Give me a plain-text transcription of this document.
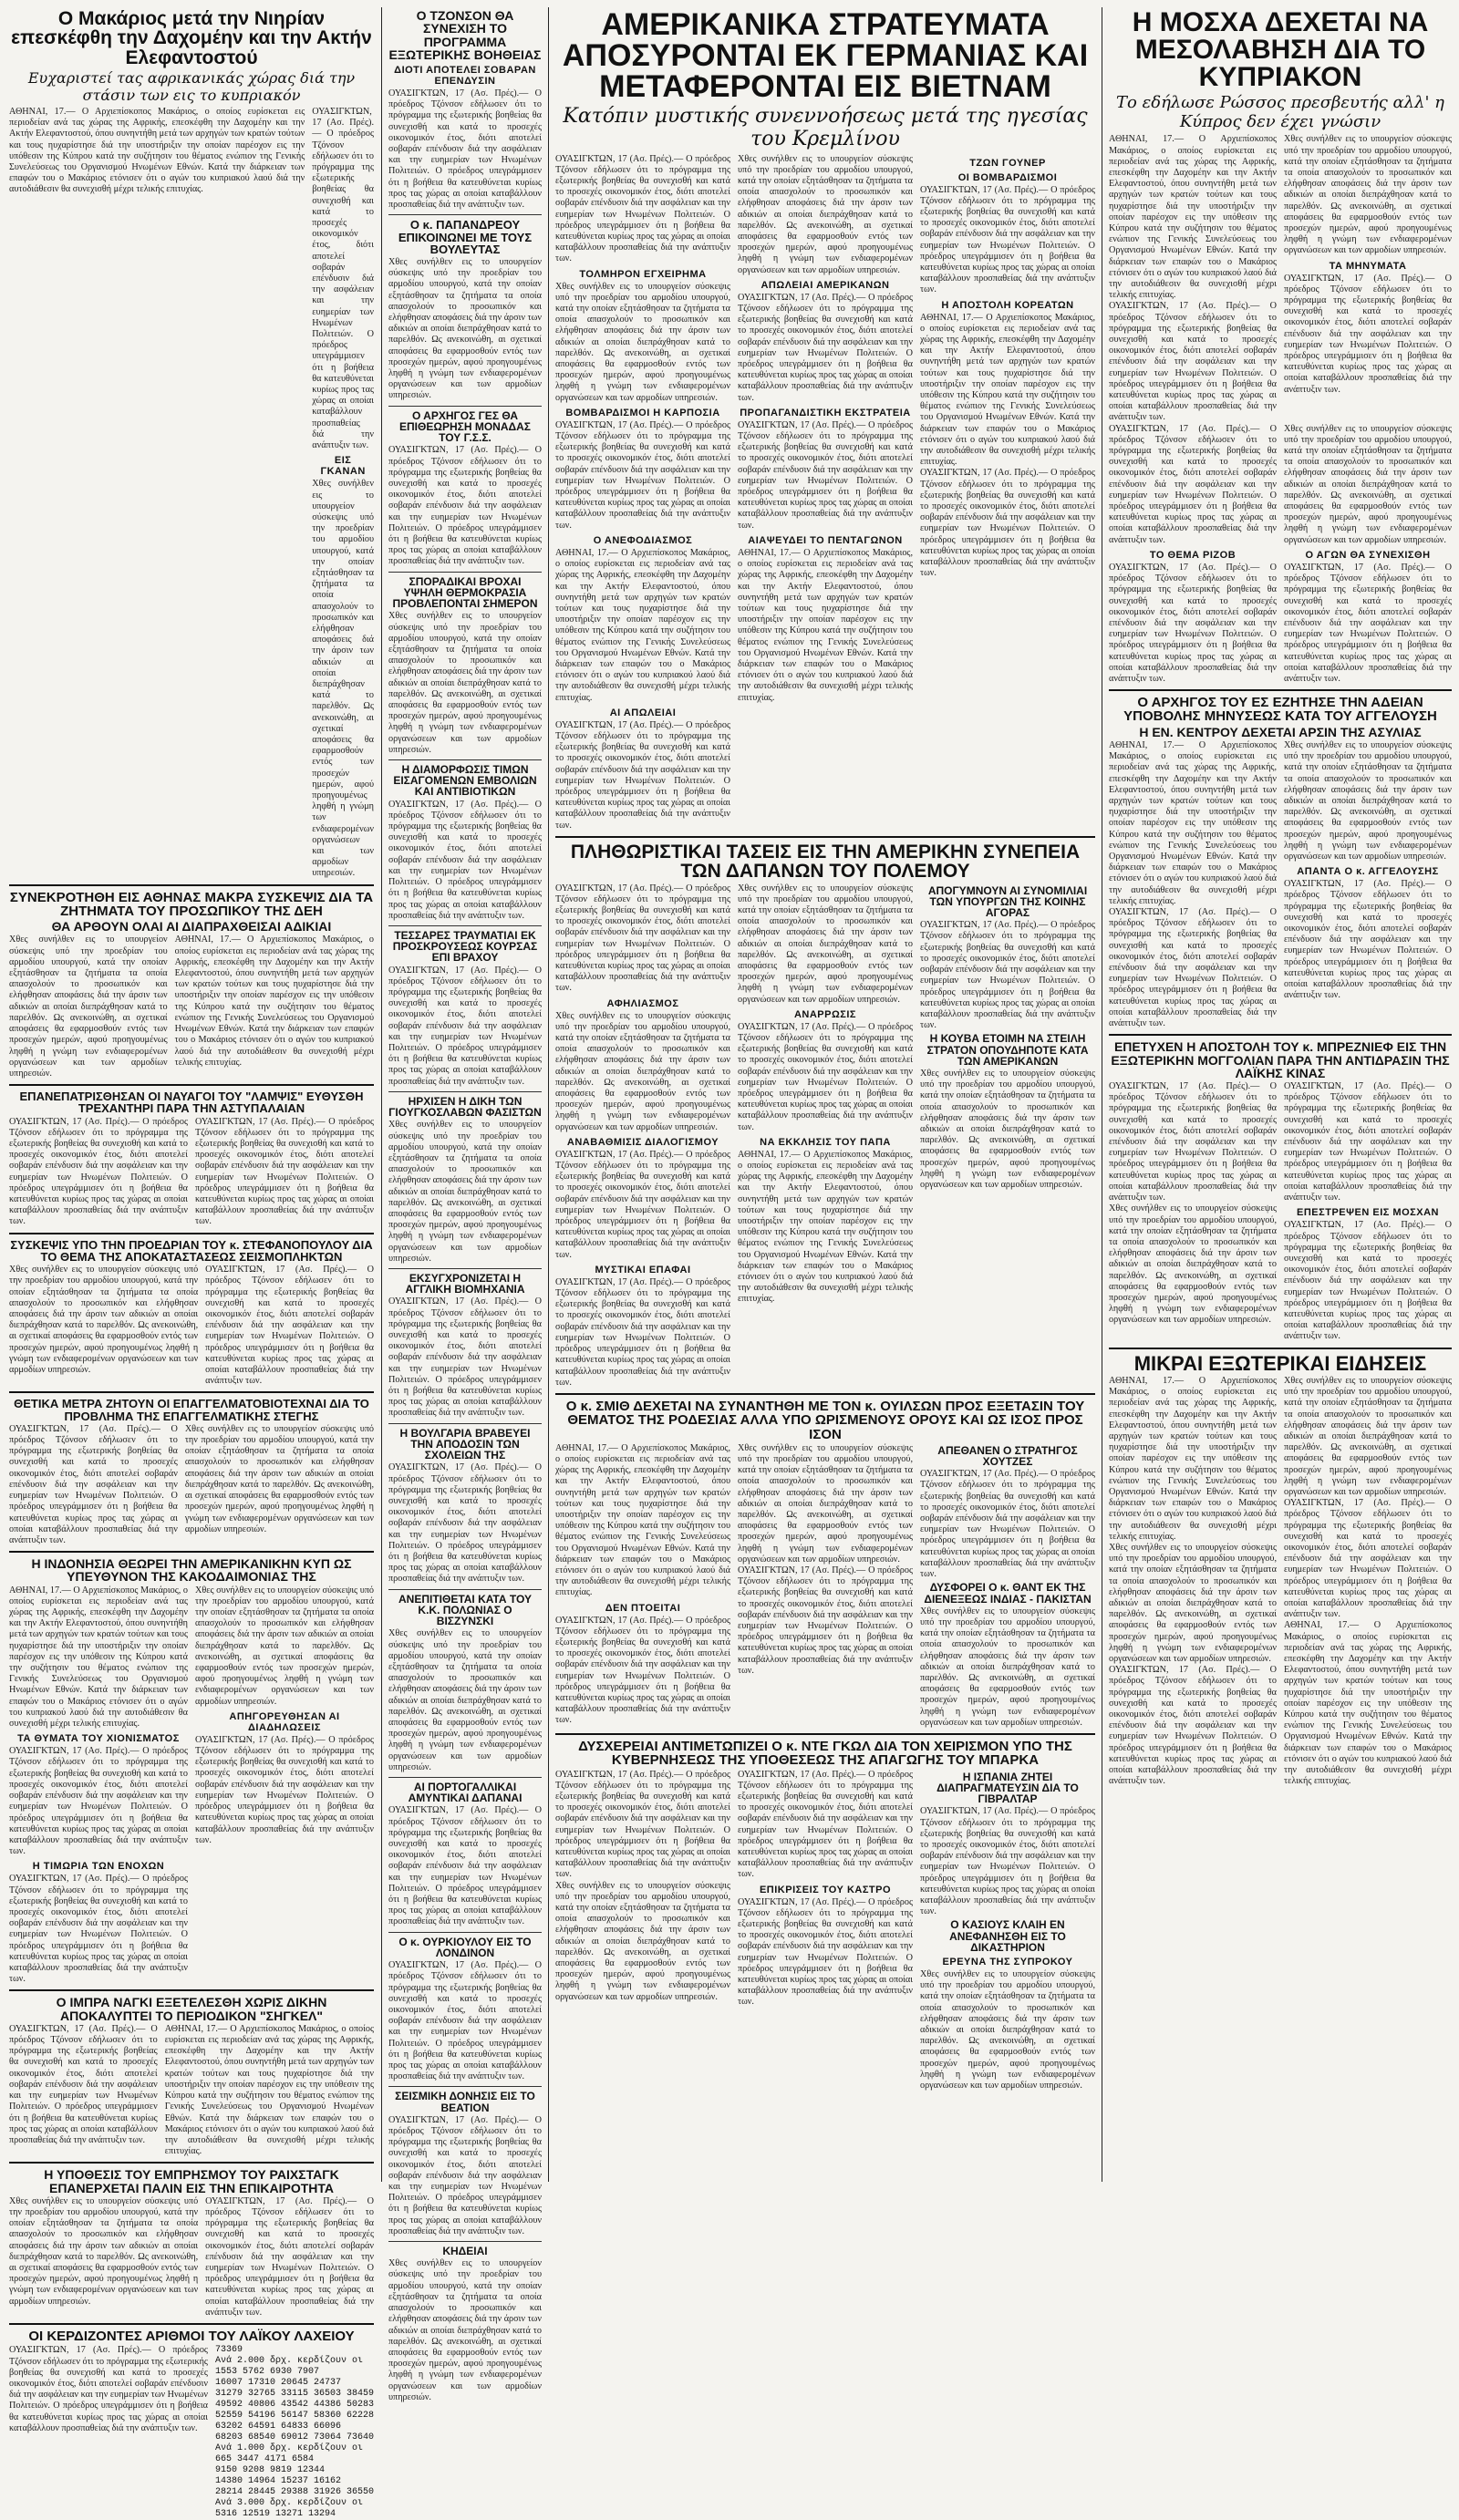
Ο Μακάριος μετά την Νιηρίαν επεσκέφθη την Δαχομέην και την Ακτήν Ελεφαντοστού
Ευχαριστεί τας αφρικανικάς χώρας διά την στάσιν των εις το κυπριακόν

ΑΘΗΝΑΙ, 17.— Ο Αρχιεπίσκοπος Μακάριος, ο οποίος ευρίσκεται εις περιοδείαν ανά τας χώρας της Αφρικής, επεσκέφθη την Δαχομέην και την Ακτήν Ελεφαντοστού, όπου συνηντήθη μετά των αρχηγών των κρατών τούτων και τους ηυχαρίστησε διά την υποστήριξιν την οποίαν παρέσχον εις την υπόθεσιν της Κύπρου κατά την συζήτησιν του θέματος ενώπιον της Γενικής Συνελεύσεως του Οργανισμού Ηνωμένων Εθνών. Κατά την διάρκειαν των επαφών του ο Μακάριος ετόνισεν ότι ο αγών του κυπριακού λαού διά την αυτοδιάθεσιν θα συνεχισθή μέχρι τελικής επιτυχίας.

ΟΥΑΣΙΓΚΤΩΝ, 17 (Ασ. Πρές).— Ο πρόεδρος Τζόνσον εδήλωσεν ότι το πρόγραμμα της εξωτερικής βοηθείας θα συνεχισθή και κατά το προσεχές οικονομικόν έτος, διότι αποτελεί σοβαράν επένδυσιν διά την ασφάλειαν και την ευημερίαν των Ηνωμένων Πολιτειών. Ο πρόεδρος υπεγράμμισεν ότι η βοήθεια θα κατευθύνεται κυρίως προς τας χώρας αι οποίαι καταβάλλουν προσπαθείας διά την ανάπτυξιν των.

ΕΙΣ ΓΚΑΝΑΝ

Χθες συνήλθεν εις το υπουργείον σύσκεψις υπό την προεδρίαν του αρμοδίου υπουργού, κατά την οποίαν εξητάσθησαν τα ζητήματα τα οποία απασχολούν το προσωπικόν και ελήφθησαν αποφάσεις διά την άρσιν των αδικιών αι οποίαι διεπράχθησαν κατά το παρελθόν. Ως ανεκοινώθη, αι σχετικαί αποφάσεις θα εφαρμοσθούν εντός των προσεχών ημερών, αφού προηγουμένως ληφθή η γνώμη των ενδιαφερομένων οργανώσεων και των αρμοδίων υπηρεσιών.

ΣΥΝΕΚΡΟΤΗΘΗ ΕΙΣ ΑΘΗΝΑΣ ΜΑΚΡΑ ΣΥΣΚΕΨΙΣ ΔΙΑ ΤΑ ΖΗΤΗΜΑΤΑ ΤΟΥ ΠΡΟΣΩΠΙΚΟΥ ΤΗΣ ΔΕΗ
ΘΑ ΑΡΘΟΥΝ ΟΛΑΙ ΑΙ ΔΙΑΠΡΑΧΘΕΙΣΑΙ ΑΔΙΚΙΑΙ

Χθες συνήλθεν εις το υπουργείον σύσκεψις υπό την προεδρίαν του αρμοδίου υπουργού, κατά την οποίαν εξητάσθησαν τα ζητήματα τα οποία απασχολούν το προσωπικόν και ελήφθησαν αποφάσεις διά την άρσιν των αδικιών αι οποίαι διεπράχθησαν κατά το παρελθόν. Ως ανεκοινώθη, αι σχετικαί αποφάσεις θα εφαρμοσθούν εντός των προσεχών ημερών, αφού προηγουμένως ληφθή η γνώμη των ενδιαφερομένων οργανώσεων και των αρμοδίων υπηρεσιών.

ΑΘΗΝΑΙ, 17.— Ο Αρχιεπίσκοπος Μακάριος, ο οποίος ευρίσκεται εις περιοδείαν ανά τας χώρας της Αφρικής, επεσκέφθη την Δαχομέην και την Ακτήν Ελεφαντοστού, όπου συνηντήθη μετά των αρχηγών των κρατών τούτων και τους ηυχαρίστησε διά την υποστήριξιν την οποίαν παρέσχον εις την υπόθεσιν της Κύπρου κατά την συζήτησιν του θέματος ενώπιον της Γενικής Συνελεύσεως του Οργανισμού Ηνωμένων Εθνών. Κατά την διάρκειαν των επαφών του ο Μακάριος ετόνισεν ότι ο αγών του κυπριακού λαού διά την αυτοδιάθεσιν θα συνεχισθή μέχρι τελικής επιτυχίας.

ΕΠΑΝΕΠΑΤΡΙΣΘΗΣΑΝ ΟΙ ΝΑΥΑΓΟΙ ΤΟΥ "ΛΑΜΨΙΣ" ΕΥΘΥΣΘΗ ΤΡΕΧΑΝΤΗΡΙ ΠΑΡΑ ΤΗΝ ΑΣΤΥΠΑΛΑΙΑΝ

ΟΥΑΣΙΓΚΤΩΝ, 17 (Ασ. Πρές).— Ο πρόεδρος Τζόνσον εδήλωσεν ότι το πρόγραμμα της εξωτερικής βοηθείας θα συνεχισθή και κατά το προσεχές οικονομικόν έτος, διότι αποτελεί σοβαράν επένδυσιν διά την ασφάλειαν και την ευημερίαν των Ηνωμένων Πολιτειών. Ο πρόεδρος υπεγράμμισεν ότι η βοήθεια θα κατευθύνεται κυρίως προς τας χώρας αι οποίαι καταβάλλουν προσπαθείας διά την ανάπτυξιν των.

ΟΥΑΣΙΓΚΤΩΝ, 17 (Ασ. Πρές).— Ο πρόεδρος Τζόνσον εδήλωσεν ότι το πρόγραμμα της εξωτερικής βοηθείας θα συνεχισθή και κατά το προσεχές οικονομικόν έτος, διότι αποτελεί σοβαράν επένδυσιν διά την ασφάλειαν και την ευημερίαν των Ηνωμένων Πολιτειών. Ο πρόεδρος υπεγράμμισεν ότι η βοήθεια θα κατευθύνεται κυρίως προς τας χώρας αι οποίαι καταβάλλουν προσπαθείας διά την ανάπτυξιν των.

ΣΥΣΚΕΨΙΣ ΥΠΟ ΤΗΝ ΠΡΟΕΔΡΙΑΝ ΤΟΥ κ. ΣΤΕΦΑΝΟΠΟΥΛΟΥ ΔΙΑ ΤΟ ΘΕΜΑ ΤΗΣ ΑΠΟΚΑΤΑΣΤΑΣΕΩΣ ΣΕΙΣΜΟΠΛΗΚΤΩΝ

Χθες συνήλθεν εις το υπουργείον σύσκεψις υπό την προεδρίαν του αρμοδίου υπουργού, κατά την οποίαν εξητάσθησαν τα ζητήματα τα οποία απασχολούν το προσωπικόν και ελήφθησαν αποφάσεις διά την άρσιν των αδικιών αι οποίαι διεπράχθησαν κατά το παρελθόν. Ως ανεκοινώθη, αι σχετικαί αποφάσεις θα εφαρμοσθούν εντός των προσεχών ημερών, αφού προηγουμένως ληφθή η γνώμη των ενδιαφερομένων οργανώσεων και των αρμοδίων υπηρεσιών.

ΟΥΑΣΙΓΚΤΩΝ, 17 (Ασ. Πρές).— Ο πρόεδρος Τζόνσον εδήλωσεν ότι το πρόγραμμα της εξωτερικής βοηθείας θα συνεχισθή και κατά το προσεχές οικονομικόν έτος, διότι αποτελεί σοβαράν επένδυσιν διά την ασφάλειαν και την ευημερίαν των Ηνωμένων Πολιτειών. Ο πρόεδρος υπεγράμμισεν ότι η βοήθεια θα κατευθύνεται κυρίως προς τας χώρας αι οποίαι καταβάλλουν προσπαθείας διά την ανάπτυξιν των.

ΘΕΤΙΚΑ ΜΕΤΡΑ ΖΗΤΟΥΝ ΟΙ ΕΠΑΓΓΕΛΜΑΤΟΒΙΟΤΕΧΝΑΙ ΔΙΑ ΤΟ ΠΡΟΒΛΗΜΑ ΤΗΣ ΕΠΑΓΓΕΛΜΑΤΙΚΗΣ ΣΤΕΓΗΣ

ΟΥΑΣΙΓΚΤΩΝ, 17 (Ασ. Πρές).— Ο πρόεδρος Τζόνσον εδήλωσεν ότι το πρόγραμμα της εξωτερικής βοηθείας θα συνεχισθή και κατά το προσεχές οικονομικόν έτος, διότι αποτελεί σοβαράν επένδυσιν διά την ασφάλειαν και την ευημερίαν των Ηνωμένων Πολιτειών. Ο πρόεδρος υπεγράμμισεν ότι η βοήθεια θα κατευθύνεται κυρίως προς τας χώρας αι οποίαι καταβάλλουν προσπαθείας διά την ανάπτυξιν των.

Χθες συνήλθεν εις το υπουργείον σύσκεψις υπό την προεδρίαν του αρμοδίου υπουργού, κατά την οποίαν εξητάσθησαν τα ζητήματα τα οποία απασχολούν το προσωπικόν και ελήφθησαν αποφάσεις διά την άρσιν των αδικιών αι οποίαι διεπράχθησαν κατά το παρελθόν. Ως ανεκοινώθη, αι σχετικαί αποφάσεις θα εφαρμοσθούν εντός των προσεχών ημερών, αφού προηγουμένως ληφθή η γνώμη των ενδιαφερομένων οργανώσεων και των αρμοδίων υπηρεσιών.

Η ΙΝΔΟΝΗΣΙΑ ΘΕΩΡΕΙ ΤΗΝ ΑΜΕΡΙΚΑΝΙΚΗΝ ΚΥΠ ΩΣ ΥΠΕΥΘΥΝΟΝ ΤΗΣ ΚΑΚΟΔΑΙΜΟΝΙΑΣ ΤΗΣ

ΑΘΗΝΑΙ, 17.— Ο Αρχιεπίσκοπος Μακάριος, ο οποίος ευρίσκεται εις περιοδείαν ανά τας χώρας της Αφρικής, επεσκέφθη την Δαχομέην και την Ακτήν Ελεφαντοστού, όπου συνηντήθη μετά των αρχηγών των κρατών τούτων και τους ηυχαρίστησε διά την υποστήριξιν την οποίαν παρέσχον εις την υπόθεσιν της Κύπρου κατά την συζήτησιν του θέματος ενώπιον της Γενικής Συνελεύσεως του Οργανισμού Ηνωμένων Εθνών. Κατά την διάρκειαν των επαφών του ο Μακάριος ετόνισεν ότι ο αγών του κυπριακού λαού διά την αυτοδιάθεσιν θα συνεχισθή μέχρι τελικής επιτυχίας.

ΤΑ ΘΥΜΑΤΑ ΤΟΥ ΧΙΟΝΙΣΜΑΤΟΣ

ΟΥΑΣΙΓΚΤΩΝ, 17 (Ασ. Πρές).— Ο πρόεδρος Τζόνσον εδήλωσεν ότι το πρόγραμμα της εξωτερικής βοηθείας θα συνεχισθή και κατά το προσεχές οικονομικόν έτος, διότι αποτελεί σοβαράν επένδυσιν διά την ασφάλειαν και την ευημερίαν των Ηνωμένων Πολιτειών. Ο πρόεδρος υπεγράμμισεν ότι η βοήθεια θα κατευθύνεται κυρίως προς τας χώρας αι οποίαι καταβάλλουν προσπαθείας διά την ανάπτυξιν των.

Η ΤΙΜΩΡΙΑ ΤΩΝ ΕΝΟΧΩΝ

ΟΥΑΣΙΓΚΤΩΝ, 17 (Ασ. Πρές).— Ο πρόεδρος Τζόνσον εδήλωσεν ότι το πρόγραμμα της εξωτερικής βοηθείας θα συνεχισθή και κατά το προσεχές οικονομικόν έτος, διότι αποτελεί σοβαράν επένδυσιν διά την ασφάλειαν και την ευημερίαν των Ηνωμένων Πολιτειών. Ο πρόεδρος υπεγράμμισεν ότι η βοήθεια θα κατευθύνεται κυρίως προς τας χώρας αι οποίαι καταβάλλουν προσπαθείας διά την ανάπτυξιν των.

Χθες συνήλθεν εις το υπουργείον σύσκεψις υπό την προεδρίαν του αρμοδίου υπουργού, κατά την οποίαν εξητάσθησαν τα ζητήματα τα οποία απασχολούν το προσωπικόν και ελήφθησαν αποφάσεις διά την άρσιν των αδικιών αι οποίαι διεπράχθησαν κατά το παρελθόν. Ως ανεκοινώθη, αι σχετικαί αποφάσεις θα εφαρμοσθούν εντός των προσεχών ημερών, αφού προηγουμένως ληφθή η γνώμη των ενδιαφερομένων οργανώσεων και των αρμοδίων υπηρεσιών.

ΑΠΗΓΟΡΕΥΘΗΣΑΝ ΑΙ ΔΙΑΔΗΛΩΣΕΙΣ

ΟΥΑΣΙΓΚΤΩΝ, 17 (Ασ. Πρές).— Ο πρόεδρος Τζόνσον εδήλωσεν ότι το πρόγραμμα της εξωτερικής βοηθείας θα συνεχισθή και κατά το προσεχές οικονομικόν έτος, διότι αποτελεί σοβαράν επένδυσιν διά την ασφάλειαν και την ευημερίαν των Ηνωμένων Πολιτειών. Ο πρόεδρος υπεγράμμισεν ότι η βοήθεια θα κατευθύνεται κυρίως προς τας χώρας αι οποίαι καταβάλλουν προσπαθείας διά την ανάπτυξιν των.

Ο ΙΜΠΡΑ ΝΑΓΚΙ ΕΞΕΤΕΛΕΣΘΗ ΧΩΡΙΣ ΔΙΚΗΝ ΑΠΟΚΑΛΥΠΤΕΙ ΤΟ ΠΕΡΙΟΔΙΚΟΝ "ΣΗΓΚΕΛ"

ΟΥΑΣΙΓΚΤΩΝ, 17 (Ασ. Πρές).— Ο πρόεδρος Τζόνσον εδήλωσεν ότι το πρόγραμμα της εξωτερικής βοηθείας θα συνεχισθή και κατά το προσεχές οικονομικόν έτος, διότι αποτελεί σοβαράν επένδυσιν διά την ασφάλειαν και την ευημερίαν των Ηνωμένων Πολιτειών. Ο πρόεδρος υπεγράμμισεν ότι η βοήθεια θα κατευθύνεται κυρίως προς τας χώρας αι οποίαι καταβάλλουν προσπαθείας διά την ανάπτυξιν των.

ΑΘΗΝΑΙ, 17.— Ο Αρχιεπίσκοπος Μακάριος, ο οποίος ευρίσκεται εις περιοδείαν ανά τας χώρας της Αφρικής, επεσκέφθη την Δαχομέην και την Ακτήν Ελεφαντοστού, όπου συνηντήθη μετά των αρχηγών των κρατών τούτων και τους ηυχαρίστησε διά την υποστήριξιν την οποίαν παρέσχον εις την υπόθεσιν της Κύπρου κατά την συζήτησιν του θέματος ενώπιον της Γενικής Συνελεύσεως του Οργανισμού Ηνωμένων Εθνών. Κατά την διάρκειαν των επαφών του ο Μακάριος ετόνισεν ότι ο αγών του κυπριακού λαού διά την αυτοδιάθεσιν θα συνεχισθή μέχρι τελικής επιτυχίας.

Η ΥΠΟΘΕΣΙΣ ΤΟΥ ΕΜΠΡΗΣΜΟΥ ΤΟΥ ΡΑΙΧΣΤΑΓΚ ΕΠΑΝΕΡΧΕΤΑΙ ΠΑΛΙΝ ΕΙΣ ΤΗΝ ΕΠΙΚΑΙΡΟΤΗΤΑ

Χθες συνήλθεν εις το υπουργείον σύσκεψις υπό την προεδρίαν του αρμοδίου υπουργού, κατά την οποίαν εξητάσθησαν τα ζητήματα τα οποία απασχολούν το προσωπικόν και ελήφθησαν αποφάσεις διά την άρσιν των αδικιών αι οποίαι διεπράχθησαν κατά το παρελθόν. Ως ανεκοινώθη, αι σχετικαί αποφάσεις θα εφαρμοσθούν εντός των προσεχών ημερών, αφού προηγουμένως ληφθή η γνώμη των ενδιαφερομένων οργανώσεων και των αρμοδίων υπηρεσιών.

ΟΥΑΣΙΓΚΤΩΝ, 17 (Ασ. Πρές).— Ο πρόεδρος Τζόνσον εδήλωσεν ότι το πρόγραμμα της εξωτερικής βοηθείας θα συνεχισθή και κατά το προσεχές οικονομικόν έτος, διότι αποτελεί σοβαράν επένδυσιν διά την ασφάλειαν και την ευημερίαν των Ηνωμένων Πολιτειών. Ο πρόεδρος υπεγράμμισεν ότι η βοήθεια θα κατευθύνεται κυρίως προς τας χώρας αι οποίαι καταβάλλουν προσπαθείας διά την ανάπτυξιν των.

ΟΙ ΚΕΡΔΙΖΟΝΤΕΣ ΑΡΙΘΜΟΙ ΤΟΥ ΛΑΪΚΟΥ ΛΑΧΕΙΟΥ

ΟΥΑΣΙΓΚΤΩΝ, 17 (Ασ. Πρές).— Ο πρόεδρος Τζόνσον εδήλωσεν ότι το πρόγραμμα της εξωτερικής βοηθείας θα συνεχισθή και κατά το προσεχές οικονομικόν έτος, διότι αποτελεί σοβαράν επένδυσιν διά την ασφάλειαν και την ευημερίαν των Ηνωμένων Πολιτειών. Ο πρόεδρος υπεγράμμισεν ότι η βοήθεια θα κατευθύνεται κυρίως προς τας χώρας αι οποίαι καταβάλλουν προσπαθείας διά την ανάπτυξιν των.

73369
Ανά 2.000 δρχ. κερδίζουν οι
1553 5762 6930 7907
16007 17310 20645 24737
31279 32765 33115 36503 38459
49592 40806 43542 44386 50283
52559 54196 56147 58360 62228
63202 64591 64833 66096
68203 68540 69012 73064 73640
Ανά 1.000 δρχ. κερδίζουν οι
665 3447 4171 6584
9150 9208 9819 12344
14380 14964 15237 16162
28214 28445 29388 31926 36550
Ανά 3.000 δρχ. κερδίζουν οι
5316 12519 13271 13294
Ο ΤΖΟΝΣΟΝ ΘΑ ΣΥΝΕΧΙΣΗ ΤΟ ΠΡΟΓΡΑΜΜΑ ΕΞΩΤΕΡΙΚΗΣ ΒΟΗΘΕΙΑΣ
ΔΙΟΤΙ ΑΠΟΤΕΛΕΙ ΣΟΒΑΡΑΝ ΕΠΕΝΔΥΣΙΝ

ΟΥΑΣΙΓΚΤΩΝ, 17 (Ασ. Πρές).— Ο πρόεδρος Τζόνσον εδήλωσεν ότι το πρόγραμμα της εξωτερικής βοηθείας θα συνεχισθή και κατά το προσεχές οικονομικόν έτος, διότι αποτελεί σοβαράν επένδυσιν διά την ασφάλειαν και την ευημερίαν των Ηνωμένων Πολιτειών. Ο πρόεδρος υπεγράμμισεν ότι η βοήθεια θα κατευθύνεται κυρίως προς τας χώρας αι οποίαι καταβάλλουν προσπαθείας διά την ανάπτυξιν των.

Ο κ. ΠΑΠΑΝΔΡΕΟΥ ΕΠΙΚΟΙΝΩΝΕΙ ΜΕ ΤΟΥΣ ΒΟΥΛΕΥΤΑΣ

Χθες συνήλθεν εις το υπουργείον σύσκεψις υπό την προεδρίαν του αρμοδίου υπουργού, κατά την οποίαν εξητάσθησαν τα ζητήματα τα οποία απασχολούν το προσωπικόν και ελήφθησαν αποφάσεις διά την άρσιν των αδικιών αι οποίαι διεπράχθησαν κατά το παρελθόν. Ως ανεκοινώθη, αι σχετικαί αποφάσεις θα εφαρμοσθούν εντός των προσεχών ημερών, αφού προηγουμένως ληφθή η γνώμη των ενδιαφερομένων οργανώσεων και των αρμοδίων υπηρεσιών.

Ο ΑΡΧΗΓΟΣ ΓΕΣ ΘΑ ΕΠΙΘΕΩΡΗΣΗ ΜΟΝΑΔΑΣ ΤΟΥ Γ.Σ.Σ.

ΟΥΑΣΙΓΚΤΩΝ, 17 (Ασ. Πρές).— Ο πρόεδρος Τζόνσον εδήλωσεν ότι το πρόγραμμα της εξωτερικής βοηθείας θα συνεχισθή και κατά το προσεχές οικονομικόν έτος, διότι αποτελεί σοβαράν επένδυσιν διά την ασφάλειαν και την ευημερίαν των Ηνωμένων Πολιτειών. Ο πρόεδρος υπεγράμμισεν ότι η βοήθεια θα κατευθύνεται κυρίως προς τας χώρας αι οποίαι καταβάλλουν προσπαθείας διά την ανάπτυξιν των.

ΣΠΟΡΑΔΙΚΑΙ ΒΡΟΧΑΙ ΥΨΗΛΗ ΘΕΡΜΟΚΡΑΣΙΑ ΠΡΟΒΛΕΠΟΝΤΑΙ ΣΗΜΕΡΟΝ

Χθες συνήλθεν εις το υπουργείον σύσκεψις υπό την προεδρίαν του αρμοδίου υπουργού, κατά την οποίαν εξητάσθησαν τα ζητήματα τα οποία απασχολούν το προσωπικόν και ελήφθησαν αποφάσεις διά την άρσιν των αδικιών αι οποίαι διεπράχθησαν κατά το παρελθόν. Ως ανεκοινώθη, αι σχετικαί αποφάσεις θα εφαρμοσθούν εντός των προσεχών ημερών, αφού προηγουμένως ληφθή η γνώμη των ενδιαφερομένων οργανώσεων και των αρμοδίων υπηρεσιών.

Η ΔΙΑΜΟΡΦΩΣΙΣ ΤΙΜΩΝ ΕΙΣΑΓΟΜΕΝΩΝ ΕΜΒΟΛΙΩΝ ΚΑΙ ΑΝΤΙΒΙΟΤΙΚΩΝ

ΟΥΑΣΙΓΚΤΩΝ, 17 (Ασ. Πρές).— Ο πρόεδρος Τζόνσον εδήλωσεν ότι το πρόγραμμα της εξωτερικής βοηθείας θα συνεχισθή και κατά το προσεχές οικονομικόν έτος, διότι αποτελεί σοβαράν επένδυσιν διά την ασφάλειαν και την ευημερίαν των Ηνωμένων Πολιτειών. Ο πρόεδρος υπεγράμμισεν ότι η βοήθεια θα κατευθύνεται κυρίως προς τας χώρας αι οποίαι καταβάλλουν προσπαθείας διά την ανάπτυξιν των.

ΤΕΣΣΑΡΕΣ ΤΡΑΥΜΑΤΙΑΙ ΕΚ ΠΡΟΣΚΡΟΥΣΕΩΣ ΚΟΥΡΣΑΣ ΕΠΙ ΒΡΑΧΟΥ

ΟΥΑΣΙΓΚΤΩΝ, 17 (Ασ. Πρές).— Ο πρόεδρος Τζόνσον εδήλωσεν ότι το πρόγραμμα της εξωτερικής βοηθείας θα συνεχισθή και κατά το προσεχές οικονομικόν έτος, διότι αποτελεί σοβαράν επένδυσιν διά την ασφάλειαν και την ευημερίαν των Ηνωμένων Πολιτειών. Ο πρόεδρος υπεγράμμισεν ότι η βοήθεια θα κατευθύνεται κυρίως προς τας χώρας αι οποίαι καταβάλλουν προσπαθείας διά την ανάπτυξιν των.

ΗΡΧΙΣΕΝ Η ΔΙΚΗ ΤΩΝ ΓΙΟΥΓΚΟΣΛΑΒΩΝ ΦΑΣΙΣΤΩΝ

Χθες συνήλθεν εις το υπουργείον σύσκεψις υπό την προεδρίαν του αρμοδίου υπουργού, κατά την οποίαν εξητάσθησαν τα ζητήματα τα οποία απασχολούν το προσωπικόν και ελήφθησαν αποφάσεις διά την άρσιν των αδικιών αι οποίαι διεπράχθησαν κατά το παρελθόν. Ως ανεκοινώθη, αι σχετικαί αποφάσεις θα εφαρμοσθούν εντός των προσεχών ημερών, αφού προηγουμένως ληφθή η γνώμη των ενδιαφερομένων οργανώσεων και των αρμοδίων υπηρεσιών.

ΕΚΣΥΓΧΡΟΝΙΖΕΤΑΙ Η ΑΓΓΛΙΚΗ ΒΙΟΜΗΧΑΝΙΑ

ΟΥΑΣΙΓΚΤΩΝ, 17 (Ασ. Πρές).— Ο πρόεδρος Τζόνσον εδήλωσεν ότι το πρόγραμμα της εξωτερικής βοηθείας θα συνεχισθή και κατά το προσεχές οικονομικόν έτος, διότι αποτελεί σοβαράν επένδυσιν διά την ασφάλειαν και την ευημερίαν των Ηνωμένων Πολιτειών. Ο πρόεδρος υπεγράμμισεν ότι η βοήθεια θα κατευθύνεται κυρίως προς τας χώρας αι οποίαι καταβάλλουν προσπαθείας διά την ανάπτυξιν των.

Η ΒΟΥΛΓΑΡΙΑ ΒΡΑΒΕΥΕΙ ΤΗΝ ΑΠΟΔΟΣΙΝ ΤΩΝ ΣΧΟΛΕΙΩΝ ΤΗΣ

ΟΥΑΣΙΓΚΤΩΝ, 17 (Ασ. Πρές).— Ο πρόεδρος Τζόνσον εδήλωσεν ότι το πρόγραμμα της εξωτερικής βοηθείας θα συνεχισθή και κατά το προσεχές οικονομικόν έτος, διότι αποτελεί σοβαράν επένδυσιν διά την ασφάλειαν και την ευημερίαν των Ηνωμένων Πολιτειών. Ο πρόεδρος υπεγράμμισεν ότι η βοήθεια θα κατευθύνεται κυρίως προς τας χώρας αι οποίαι καταβάλλουν προσπαθείας διά την ανάπτυξιν των.

ΑΝΕΠΙΤΙΘΕΤΑΙ ΚΑΤΑ ΤΟΥ Κ.Κ. ΠΟΛΩΝΙΑΣ Ο ΒΙΣΖΥΝΣΚΙ

Χθες συνήλθεν εις το υπουργείον σύσκεψις υπό την προεδρίαν του αρμοδίου υπουργού, κατά την οποίαν εξητάσθησαν τα ζητήματα τα οποία απασχολούν το προσωπικόν και ελήφθησαν αποφάσεις διά την άρσιν των αδικιών αι οποίαι διεπράχθησαν κατά το παρελθόν. Ως ανεκοινώθη, αι σχετικαί αποφάσεις θα εφαρμοσθούν εντός των προσεχών ημερών, αφού προηγουμένως ληφθή η γνώμη των ενδιαφερομένων οργανώσεων και των αρμοδίων υπηρεσιών.

ΑΙ ΠΟΡΤΟΓΑΛΛΙΚΑΙ ΑΜΥΝΤΙΚΑΙ ΔΑΠΑΝΑΙ

ΟΥΑΣΙΓΚΤΩΝ, 17 (Ασ. Πρές).— Ο πρόεδρος Τζόνσον εδήλωσεν ότι το πρόγραμμα της εξωτερικής βοηθείας θα συνεχισθή και κατά το προσεχές οικονομικόν έτος, διότι αποτελεί σοβαράν επένδυσιν διά την ασφάλειαν και την ευημερίαν των Ηνωμένων Πολιτειών. Ο πρόεδρος υπεγράμμισεν ότι η βοήθεια θα κατευθύνεται κυρίως προς τας χώρας αι οποίαι καταβάλλουν προσπαθείας διά την ανάπτυξιν των.

Ο κ. ΟΥΡΚΙΟΥΛΟΥ ΕΙΣ ΤΟ ΛΟΝΔΙΝΟΝ

ΟΥΑΣΙΓΚΤΩΝ, 17 (Ασ. Πρές).— Ο πρόεδρος Τζόνσον εδήλωσεν ότι το πρόγραμμα της εξωτερικής βοηθείας θα συνεχισθή και κατά το προσεχές οικονομικόν έτος, διότι αποτελεί σοβαράν επένδυσιν διά την ασφάλειαν και την ευημερίαν των Ηνωμένων Πολιτειών. Ο πρόεδρος υπεγράμμισεν ότι η βοήθεια θα κατευθύνεται κυρίως προς τας χώρας αι οποίαι καταβάλλουν προσπαθείας διά την ανάπτυξιν των.

ΣΕΙΣΜΙΚΗ ΔΟΝΗΣΙΣ ΕΙΣ ΤΟ ΒΕΑΤΙΟΝ

ΟΥΑΣΙΓΚΤΩΝ, 17 (Ασ. Πρές).— Ο πρόεδρος Τζόνσον εδήλωσεν ότι το πρόγραμμα της εξωτερικής βοηθείας θα συνεχισθή και κατά το προσεχές οικονομικόν έτος, διότι αποτελεί σοβαράν επένδυσιν διά την ασφάλειαν και την ευημερίαν των Ηνωμένων Πολιτειών. Ο πρόεδρος υπεγράμμισεν ότι η βοήθεια θα κατευθύνεται κυρίως προς τας χώρας αι οποίαι καταβάλλουν προσπαθείας διά την ανάπτυξιν των.

ΚΗΔΕΙΑΙ

Χθες συνήλθεν εις το υπουργείον σύσκεψις υπό την προεδρίαν του αρμοδίου υπουργού, κατά την οποίαν εξητάσθησαν τα ζητήματα τα οποία απασχολούν το προσωπικόν και ελήφθησαν αποφάσεις διά την άρσιν των αδικιών αι οποίαι διεπράχθησαν κατά το παρελθόν. Ως ανεκοινώθη, αι σχετικαί αποφάσεις θα εφαρμοσθούν εντός των προσεχών ημερών, αφού προηγουμένως ληφθή η γνώμη των ενδιαφερομένων οργανώσεων και των αρμοδίων υπηρεσιών.

ΑΜΕΡΙΚΑΝΙΚΑ ΣΤΡΑΤΕΥΜΑΤΑ ΑΠΟΣΥΡΟΝΤΑΙ ΕΚ ΓΕΡΜΑΝΙΑΣ ΚΑΙ ΜΕΤΑΦΕΡΟΝΤΑΙ ΕΙΣ ΒΙΕΤΝΑΜ
Κατόπιν μυστικής συνεννοήσεως μετά της ηγεσίας του Κρεμλίνου

ΟΥΑΣΙΓΚΤΩΝ, 17 (Ασ. Πρές).— Ο πρόεδρος Τζόνσον εδήλωσεν ότι το πρόγραμμα της εξωτερικής βοηθείας θα συνεχισθή και κατά το προσεχές οικονομικόν έτος, διότι αποτελεί σοβαράν επένδυσιν διά την ασφάλειαν και την ευημερίαν των Ηνωμένων Πολιτειών. Ο πρόεδρος υπεγράμμισεν ότι η βοήθεια θα κατευθύνεται κυρίως προς τας χώρας αι οποίαι καταβάλλουν προσπαθείας διά την ανάπτυξιν των.

ΤΟΛΜΗΡΟΝ ΕΓΧΕΙΡΗΜΑ

Χθες συνήλθεν εις το υπουργείον σύσκεψις υπό την προεδρίαν του αρμοδίου υπουργού, κατά την οποίαν εξητάσθησαν τα ζητήματα τα οποία απασχολούν το προσωπικόν και ελήφθησαν αποφάσεις διά την άρσιν των αδικιών αι οποίαι διεπράχθησαν κατά το παρελθόν. Ως ανεκοινώθη, αι σχετικαί αποφάσεις θα εφαρμοσθούν εντός των προσεχών ημερών, αφού προηγουμένως ληφθή η γνώμη των ενδιαφερομένων οργανώσεων και των αρμοδίων υπηρεσιών.

ΒΟΜΒΑΡΔΙΣΜΟΙ Η ΚΑΡΠΟΣΙΑ

ΟΥΑΣΙΓΚΤΩΝ, 17 (Ασ. Πρές).— Ο πρόεδρος Τζόνσον εδήλωσεν ότι το πρόγραμμα της εξωτερικής βοηθείας θα συνεχισθή και κατά το προσεχές οικονομικόν έτος, διότι αποτελεί σοβαράν επένδυσιν διά την ασφάλειαν και την ευημερίαν των Ηνωμένων Πολιτειών. Ο πρόεδρος υπεγράμμισεν ότι η βοήθεια θα κατευθύνεται κυρίως προς τας χώρας αι οποίαι καταβάλλουν προσπαθείας διά την ανάπτυξιν των.

Ο ΑΝΕΦΟΔΙΑΣΜΟΣ

ΑΘΗΝΑΙ, 17.— Ο Αρχιεπίσκοπος Μακάριος, ο οποίος ευρίσκεται εις περιοδείαν ανά τας χώρας της Αφρικής, επεσκέφθη την Δαχομέην και την Ακτήν Ελεφαντοστού, όπου συνηντήθη μετά των αρχηγών των κρατών τούτων και τους ηυχαρίστησε διά την υποστήριξιν την οποίαν παρέσχον εις την υπόθεσιν της Κύπρου κατά την συζήτησιν του θέματος ενώπιον της Γενικής Συνελεύσεως του Οργανισμού Ηνωμένων Εθνών. Κατά την διάρκειαν των επαφών του ο Μακάριος ετόνισεν ότι ο αγών του κυπριακού λαού διά την αυτοδιάθεσιν θα συνεχισθή μέχρι τελικής επιτυχίας.

ΑΙ ΑΠΩΛΕΙΑΙ

ΟΥΑΣΙΓΚΤΩΝ, 17 (Ασ. Πρές).— Ο πρόεδρος Τζόνσον εδήλωσεν ότι το πρόγραμμα της εξωτερικής βοηθείας θα συνεχισθή και κατά το προσεχές οικονομικόν έτος, διότι αποτελεί σοβαράν επένδυσιν διά την ασφάλειαν και την ευημερίαν των Ηνωμένων Πολιτειών. Ο πρόεδρος υπεγράμμισεν ότι η βοήθεια θα κατευθύνεται κυρίως προς τας χώρας αι οποίαι καταβάλλουν προσπαθείας διά την ανάπτυξιν των.

Χθες συνήλθεν εις το υπουργείον σύσκεψις υπό την προεδρίαν του αρμοδίου υπουργού, κατά την οποίαν εξητάσθησαν τα ζητήματα τα οποία απασχολούν το προσωπικόν και ελήφθησαν αποφάσεις διά την άρσιν των αδικιών αι οποίαι διεπράχθησαν κατά το παρελθόν. Ως ανεκοινώθη, αι σχετικαί αποφάσεις θα εφαρμοσθούν εντός των προσεχών ημερών, αφού προηγουμένως ληφθή η γνώμη των ενδιαφερομένων οργανώσεων και των αρμοδίων υπηρεσιών.

ΑΠΩΛΕΙΑΙ ΑΜΕΡΙΚΑΝΩΝ

ΟΥΑΣΙΓΚΤΩΝ, 17 (Ασ. Πρές).— Ο πρόεδρος Τζόνσον εδήλωσεν ότι το πρόγραμμα της εξωτερικής βοηθείας θα συνεχισθή και κατά το προσεχές οικονομικόν έτος, διότι αποτελεί σοβαράν επένδυσιν διά την ασφάλειαν και την ευημερίαν των Ηνωμένων Πολιτειών. Ο πρόεδρος υπεγράμμισεν ότι η βοήθεια θα κατευθύνεται κυρίως προς τας χώρας αι οποίαι καταβάλλουν προσπαθείας διά την ανάπτυξιν των.

ΠΡΟΠΑΓΑΝΔΙΣΤΙΚΗ ΕΚΣΤΡΑΤΕΙΑ

ΟΥΑΣΙΓΚΤΩΝ, 17 (Ασ. Πρές).— Ο πρόεδρος Τζόνσον εδήλωσεν ότι το πρόγραμμα της εξωτερικής βοηθείας θα συνεχισθή και κατά το προσεχές οικονομικόν έτος, διότι αποτελεί σοβαράν επένδυσιν διά την ασφάλειαν και την ευημερίαν των Ηνωμένων Πολιτειών. Ο πρόεδρος υπεγράμμισεν ότι η βοήθεια θα κατευθύνεται κυρίως προς τας χώρας αι οποίαι καταβάλλουν προσπαθείας διά την ανάπτυξιν των.

ΑΙΑΨΕΥΔΕΙ ΤΟ ΠΕΝΤΑΓΩΝΟΝ

ΑΘΗΝΑΙ, 17.— Ο Αρχιεπίσκοπος Μακάριος, ο οποίος ευρίσκεται εις περιοδείαν ανά τας χώρας της Αφρικής, επεσκέφθη την Δαχομέην και την Ακτήν Ελεφαντοστού, όπου συνηντήθη μετά των αρχηγών των κρατών τούτων και τους ηυχαρίστησε διά την υποστήριξιν την οποίαν παρέσχον εις την υπόθεσιν της Κύπρου κατά την συζήτησιν του θέματος ενώπιον της Γενικής Συνελεύσεως του Οργανισμού Ηνωμένων Εθνών. Κατά την διάρκειαν των επαφών του ο Μακάριος ετόνισεν ότι ο αγών του κυπριακού λαού διά την αυτοδιάθεσιν θα συνεχισθή μέχρι τελικής επιτυχίας.

ΤΖΩΝ ΓΟΥΝΕΡ
ΟΙ ΒΟΜΒΑΡΔΙΣΜΟΙ

ΟΥΑΣΙΓΚΤΩΝ, 17 (Ασ. Πρές).— Ο πρόεδρος Τζόνσον εδήλωσεν ότι το πρόγραμμα της εξωτερικής βοηθείας θα συνεχισθή και κατά το προσεχές οικονομικόν έτος, διότι αποτελεί σοβαράν επένδυσιν διά την ασφάλειαν και την ευημερίαν των Ηνωμένων Πολιτειών. Ο πρόεδρος υπεγράμμισεν ότι η βοήθεια θα κατευθύνεται κυρίως προς τας χώρας αι οποίαι καταβάλλουν προσπαθείας διά την ανάπτυξιν των.

Η ΑΠΟΣΤΟΛΗ ΚΟΡΕΑΤΩΝ

ΑΘΗΝΑΙ, 17.— Ο Αρχιεπίσκοπος Μακάριος, ο οποίος ευρίσκεται εις περιοδείαν ανά τας χώρας της Αφρικής, επεσκέφθη την Δαχομέην και την Ακτήν Ελεφαντοστού, όπου συνηντήθη μετά των αρχηγών των κρατών τούτων και τους ηυχαρίστησε διά την υποστήριξιν την οποίαν παρέσχον εις την υπόθεσιν της Κύπρου κατά την συζήτησιν του θέματος ενώπιον της Γενικής Συνελεύσεως του Οργανισμού Ηνωμένων Εθνών. Κατά την διάρκειαν των επαφών του ο Μακάριος ετόνισεν ότι ο αγών του κυπριακού λαού διά την αυτοδιάθεσιν θα συνεχισθή μέχρι τελικής επιτυχίας.

ΟΥΑΣΙΓΚΤΩΝ, 17 (Ασ. Πρές).— Ο πρόεδρος Τζόνσον εδήλωσεν ότι το πρόγραμμα της εξωτερικής βοηθείας θα συνεχισθή και κατά το προσεχές οικονομικόν έτος, διότι αποτελεί σοβαράν επένδυσιν διά την ασφάλειαν και την ευημερίαν των Ηνωμένων Πολιτειών. Ο πρόεδρος υπεγράμμισεν ότι η βοήθεια θα κατευθύνεται κυρίως προς τας χώρας αι οποίαι καταβάλλουν προσπαθείας διά την ανάπτυξιν των.

ΠΛΗΘΩΡΙΣΤΙΚΑΙ ΤΑΣΕΙΣ ΕΙΣ ΤΗΝ ΑΜΕΡΙΚΗΝ ΣΥΝΕΠΕΙΑ ΤΩΝ ΔΑΠΑΝΩΝ ΤΟΥ ΠΟΛΕΜΟΥ

ΟΥΑΣΙΓΚΤΩΝ, 17 (Ασ. Πρές).— Ο πρόεδρος Τζόνσον εδήλωσεν ότι το πρόγραμμα της εξωτερικής βοηθείας θα συνεχισθή και κατά το προσεχές οικονομικόν έτος, διότι αποτελεί σοβαράν επένδυσιν διά την ασφάλειαν και την ευημερίαν των Ηνωμένων Πολιτειών. Ο πρόεδρος υπεγράμμισεν ότι η βοήθεια θα κατευθύνεται κυρίως προς τας χώρας αι οποίαι καταβάλλουν προσπαθείας διά την ανάπτυξιν των.

ΑΦΗΛΙΑΣΜΟΣ

Χθες συνήλθεν εις το υπουργείον σύσκεψις υπό την προεδρίαν του αρμοδίου υπουργού, κατά την οποίαν εξητάσθησαν τα ζητήματα τα οποία απασχολούν το προσωπικόν και ελήφθησαν αποφάσεις διά την άρσιν των αδικιών αι οποίαι διεπράχθησαν κατά το παρελθόν. Ως ανεκοινώθη, αι σχετικαί αποφάσεις θα εφαρμοσθούν εντός των προσεχών ημερών, αφού προηγουμένως ληφθή η γνώμη των ενδιαφερομένων οργανώσεων και των αρμοδίων υπηρεσιών.

ΑΝΑΒΑΘΜΙΣΙΣ ΔΙΑΛΟΓΙΣΜΟΥ

ΟΥΑΣΙΓΚΤΩΝ, 17 (Ασ. Πρές).— Ο πρόεδρος Τζόνσον εδήλωσεν ότι το πρόγραμμα της εξωτερικής βοηθείας θα συνεχισθή και κατά το προσεχές οικονομικόν έτος, διότι αποτελεί σοβαράν επένδυσιν διά την ασφάλειαν και την ευημερίαν των Ηνωμένων Πολιτειών. Ο πρόεδρος υπεγράμμισεν ότι η βοήθεια θα κατευθύνεται κυρίως προς τας χώρας αι οποίαι καταβάλλουν προσπαθείας διά την ανάπτυξιν των.

ΜΥΣΤΙΚΑΙ ΕΠΑΦΑΙ

ΟΥΑΣΙΓΚΤΩΝ, 17 (Ασ. Πρές).— Ο πρόεδρος Τζόνσον εδήλωσεν ότι το πρόγραμμα της εξωτερικής βοηθείας θα συνεχισθή και κατά το προσεχές οικονομικόν έτος, διότι αποτελεί σοβαράν επένδυσιν διά την ασφάλειαν και την ευημερίαν των Ηνωμένων Πολιτειών. Ο πρόεδρος υπεγράμμισεν ότι η βοήθεια θα κατευθύνεται κυρίως προς τας χώρας αι οποίαι καταβάλλουν προσπαθείας διά την ανάπτυξιν των.

Χθες συνήλθεν εις το υπουργείον σύσκεψις υπό την προεδρίαν του αρμοδίου υπουργού, κατά την οποίαν εξητάσθησαν τα ζητήματα τα οποία απασχολούν το προσωπικόν και ελήφθησαν αποφάσεις διά την άρσιν των αδικιών αι οποίαι διεπράχθησαν κατά το παρελθόν. Ως ανεκοινώθη, αι σχετικαί αποφάσεις θα εφαρμοσθούν εντός των προσεχών ημερών, αφού προηγουμένως ληφθή η γνώμη των ενδιαφερομένων οργανώσεων και των αρμοδίων υπηρεσιών.

ΑΝΑΡΡΩΣΙΣ

ΟΥΑΣΙΓΚΤΩΝ, 17 (Ασ. Πρές).— Ο πρόεδρος Τζόνσον εδήλωσεν ότι το πρόγραμμα της εξωτερικής βοηθείας θα συνεχισθή και κατά το προσεχές οικονομικόν έτος, διότι αποτελεί σοβαράν επένδυσιν διά την ασφάλειαν και την ευημερίαν των Ηνωμένων Πολιτειών. Ο πρόεδρος υπεγράμμισεν ότι η βοήθεια θα κατευθύνεται κυρίως προς τας χώρας αι οποίαι καταβάλλουν προσπαθείας διά την ανάπτυξιν των.

ΝΑ ΕΚΚΛΗΣΙΣ ΤΟΥ ΠΑΠΑ

ΑΘΗΝΑΙ, 17.— Ο Αρχιεπίσκοπος Μακάριος, ο οποίος ευρίσκεται εις περιοδείαν ανά τας χώρας της Αφρικής, επεσκέφθη την Δαχομέην και την Ακτήν Ελεφαντοστού, όπου συνηντήθη μετά των αρχηγών των κρατών τούτων και τους ηυχαρίστησε διά την υποστήριξιν την οποίαν παρέσχον εις την υπόθεσιν της Κύπρου κατά την συζήτησιν του θέματος ενώπιον της Γενικής Συνελεύσεως του Οργανισμού Ηνωμένων Εθνών. Κατά την διάρκειαν των επαφών του ο Μακάριος ετόνισεν ότι ο αγών του κυπριακού λαού διά την αυτοδιάθεσιν θα συνεχισθή μέχρι τελικής επιτυχίας.

ΑΠΟΓΥΜΝΟΥΝ ΑΙ ΣΥΝΟΜΙΛΙΑΙ ΤΩΝ ΥΠΟΥΡΓΩΝ ΤΗΣ ΚΟΙΝΗΣ ΑΓΟΡΑΣ

ΟΥΑΣΙΓΚΤΩΝ, 17 (Ασ. Πρές).— Ο πρόεδρος Τζόνσον εδήλωσεν ότι το πρόγραμμα της εξωτερικής βοηθείας θα συνεχισθή και κατά το προσεχές οικονομικόν έτος, διότι αποτελεί σοβαράν επένδυσιν διά την ασφάλειαν και την ευημερίαν των Ηνωμένων Πολιτειών. Ο πρόεδρος υπεγράμμισεν ότι η βοήθεια θα κατευθύνεται κυρίως προς τας χώρας αι οποίαι καταβάλλουν προσπαθείας διά την ανάπτυξιν των.

Η ΚΟΥΒΑ ΕΤΟΙΜΗ ΝΑ ΣΤΕΙΛΗ ΣΤΡΑΤΟΝ ΟΠΟΥΔΗΠΟΤΕ ΚΑΤΑ ΤΩΝ ΑΜΕΡΙΚΑΝΩΝ

Χθες συνήλθεν εις το υπουργείον σύσκεψις υπό την προεδρίαν του αρμοδίου υπουργού, κατά την οποίαν εξητάσθησαν τα ζητήματα τα οποία απασχολούν το προσωπικόν και ελήφθησαν αποφάσεις διά την άρσιν των αδικιών αι οποίαι διεπράχθησαν κατά το παρελθόν. Ως ανεκοινώθη, αι σχετικαί αποφάσεις θα εφαρμοσθούν εντός των προσεχών ημερών, αφού προηγουμένως ληφθή η γνώμη των ενδιαφερομένων οργανώσεων και των αρμοδίων υπηρεσιών.

Ο κ. ΣΜΙΘ ΔΕΧΕΤΑΙ ΝΑ ΣΥΝΑΝΤΗΘΗ ΜΕ ΤΟΝ κ. ΟΥΙΛΣΩΝ ΠΡΟΣ ΕΞΕΤΑΣΙΝ ΤΟΥ ΘΕΜΑΤΟΣ ΤΗΣ ΡΟΔΕΣΙΑΣ ΑΛΛΑ ΥΠΟ ΩΡΙΣΜΕΝΟΥΣ ΟΡΟΥΣ ΚΑΙ ΩΣ ΙΣΟΣ ΠΡΟΣ ΙΣΟΝ

ΑΘΗΝΑΙ, 17.— Ο Αρχιεπίσκοπος Μακάριος, ο οποίος ευρίσκεται εις περιοδείαν ανά τας χώρας της Αφρικής, επεσκέφθη την Δαχομέην και την Ακτήν Ελεφαντοστού, όπου συνηντήθη μετά των αρχηγών των κρατών τούτων και τους ηυχαρίστησε διά την υποστήριξιν την οποίαν παρέσχον εις την υπόθεσιν της Κύπρου κατά την συζήτησιν του θέματος ενώπιον της Γενικής Συνελεύσεως του Οργανισμού Ηνωμένων Εθνών. Κατά την διάρκειαν των επαφών του ο Μακάριος ετόνισεν ότι ο αγών του κυπριακού λαού διά την αυτοδιάθεσιν θα συνεχισθή μέχρι τελικής επιτυχίας.

ΔΕΝ ΠΤΟΕΙΤΑΙ

ΟΥΑΣΙΓΚΤΩΝ, 17 (Ασ. Πρές).— Ο πρόεδρος Τζόνσον εδήλωσεν ότι το πρόγραμμα της εξωτερικής βοηθείας θα συνεχισθή και κατά το προσεχές οικονομικόν έτος, διότι αποτελεί σοβαράν επένδυσιν διά την ασφάλειαν και την ευημερίαν των Ηνωμένων Πολιτειών. Ο πρόεδρος υπεγράμμισεν ότι η βοήθεια θα κατευθύνεται κυρίως προς τας χώρας αι οποίαι καταβάλλουν προσπαθείας διά την ανάπτυξιν των.

Χθες συνήλθεν εις το υπουργείον σύσκεψις υπό την προεδρίαν του αρμοδίου υπουργού, κατά την οποίαν εξητάσθησαν τα ζητήματα τα οποία απασχολούν το προσωπικόν και ελήφθησαν αποφάσεις διά την άρσιν των αδικιών αι οποίαι διεπράχθησαν κατά το παρελθόν. Ως ανεκοινώθη, αι σχετικαί αποφάσεις θα εφαρμοσθούν εντός των προσεχών ημερών, αφού προηγουμένως ληφθή η γνώμη των ενδιαφερομένων οργανώσεων και των αρμοδίων υπηρεσιών.

ΟΥΑΣΙΓΚΤΩΝ, 17 (Ασ. Πρές).— Ο πρόεδρος Τζόνσον εδήλωσεν ότι το πρόγραμμα της εξωτερικής βοηθείας θα συνεχισθή και κατά το προσεχές οικονομικόν έτος, διότι αποτελεί σοβαράν επένδυσιν διά την ασφάλειαν και την ευημερίαν των Ηνωμένων Πολιτειών. Ο πρόεδρος υπεγράμμισεν ότι η βοήθεια θα κατευθύνεται κυρίως προς τας χώρας αι οποίαι καταβάλλουν προσπαθείας διά την ανάπτυξιν των.

ΑΠΕΘΑΝΕΝ Ο ΣΤΡΑΤΗΓΟΣ ΧΟΥΤΖΕΣ

ΟΥΑΣΙΓΚΤΩΝ, 17 (Ασ. Πρές).— Ο πρόεδρος Τζόνσον εδήλωσεν ότι το πρόγραμμα της εξωτερικής βοηθείας θα συνεχισθή και κατά το προσεχές οικονομικόν έτος, διότι αποτελεί σοβαράν επένδυσιν διά την ασφάλειαν και την ευημερίαν των Ηνωμένων Πολιτειών. Ο πρόεδρος υπεγράμμισεν ότι η βοήθεια θα κατευθύνεται κυρίως προς τας χώρας αι οποίαι καταβάλλουν προσπαθείας διά την ανάπτυξιν των.

ΔΥΣΦΟΡΕΙ Ο κ. ΘΑΝΤ ΕΚ ΤΗΣ ΔΙΕΝΕΞΕΩΣ ΙΝΔΙΑΣ - ΠΑΚΙΣΤΑΝ

Χθες συνήλθεν εις το υπουργείον σύσκεψις υπό την προεδρίαν του αρμοδίου υπουργού, κατά την οποίαν εξητάσθησαν τα ζητήματα τα οποία απασχολούν το προσωπικόν και ελήφθησαν αποφάσεις διά την άρσιν των αδικιών αι οποίαι διεπράχθησαν κατά το παρελθόν. Ως ανεκοινώθη, αι σχετικαί αποφάσεις θα εφαρμοσθούν εντός των προσεχών ημερών, αφού προηγουμένως ληφθή η γνώμη των ενδιαφερομένων οργανώσεων και των αρμοδίων υπηρεσιών.

ΔΥΣΧΕΡΕΙΑΙ ΑΝΤΙΜΕΤΩΠΙΖΕΙ Ο κ. ΝΤΕ ΓΚΩΛ ΔΙΑ ΤΟΝ ΧΕΙΡΙΣΜΟΝ ΥΠΟ ΤΗΣ ΚΥΒΕΡΝΗΣΕΩΣ ΤΗΣ ΥΠΟΘΕΣΕΩΣ ΤΗΣ ΑΠΑΓΩΓΗΣ ΤΟΥ ΜΠΑΡΚΑ

ΟΥΑΣΙΓΚΤΩΝ, 17 (Ασ. Πρές).— Ο πρόεδρος Τζόνσον εδήλωσεν ότι το πρόγραμμα της εξωτερικής βοηθείας θα συνεχισθή και κατά το προσεχές οικονομικόν έτος, διότι αποτελεί σοβαράν επένδυσιν διά την ασφάλειαν και την ευημερίαν των Ηνωμένων Πολιτειών. Ο πρόεδρος υπεγράμμισεν ότι η βοήθεια θα κατευθύνεται κυρίως προς τας χώρας αι οποίαι καταβάλλουν προσπαθείας διά την ανάπτυξιν των.

Χθες συνήλθεν εις το υπουργείον σύσκεψις υπό την προεδρίαν του αρμοδίου υπουργού, κατά την οποίαν εξητάσθησαν τα ζητήματα τα οποία απασχολούν το προσωπικόν και ελήφθησαν αποφάσεις διά την άρσιν των αδικιών αι οποίαι διεπράχθησαν κατά το παρελθόν. Ως ανεκοινώθη, αι σχετικαί αποφάσεις θα εφαρμοσθούν εντός των προσεχών ημερών, αφού προηγουμένως ληφθή η γνώμη των ενδιαφερομένων οργανώσεων και των αρμοδίων υπηρεσιών.

ΟΥΑΣΙΓΚΤΩΝ, 17 (Ασ. Πρές).— Ο πρόεδρος Τζόνσον εδήλωσεν ότι το πρόγραμμα της εξωτερικής βοηθείας θα συνεχισθή και κατά το προσεχές οικονομικόν έτος, διότι αποτελεί σοβαράν επένδυσιν διά την ασφάλειαν και την ευημερίαν των Ηνωμένων Πολιτειών. Ο πρόεδρος υπεγράμμισεν ότι η βοήθεια θα κατευθύνεται κυρίως προς τας χώρας αι οποίαι καταβάλλουν προσπαθείας διά την ανάπτυξιν των.

ΕΠΙΚΡΙΣΕΙΣ ΤΟΥ ΚΑΣΤΡΟ

ΟΥΑΣΙΓΚΤΩΝ, 17 (Ασ. Πρές).— Ο πρόεδρος Τζόνσον εδήλωσεν ότι το πρόγραμμα της εξωτερικής βοηθείας θα συνεχισθή και κατά το προσεχές οικονομικόν έτος, διότι αποτελεί σοβαράν επένδυσιν διά την ασφάλειαν και την ευημερίαν των Ηνωμένων Πολιτειών. Ο πρόεδρος υπεγράμμισεν ότι η βοήθεια θα κατευθύνεται κυρίως προς τας χώρας αι οποίαι καταβάλλουν προσπαθείας διά την ανάπτυξιν των.

Η ΙΣΠΑΝΙΑ ΖΗΤΕΙ ΔΙΑΠΡΑΓΜΑΤΕΥΣΙΝ ΔΙΑ ΤΟ ΓΙΒΡΑΛΤΑΡ

ΟΥΑΣΙΓΚΤΩΝ, 17 (Ασ. Πρές).— Ο πρόεδρος Τζόνσον εδήλωσεν ότι το πρόγραμμα της εξωτερικής βοηθείας θα συνεχισθή και κατά το προσεχές οικονομικόν έτος, διότι αποτελεί σοβαράν επένδυσιν διά την ασφάλειαν και την ευημερίαν των Ηνωμένων Πολιτειών. Ο πρόεδρος υπεγράμμισεν ότι η βοήθεια θα κατευθύνεται κυρίως προς τας χώρας αι οποίαι καταβάλλουν προσπαθείας διά την ανάπτυξιν των.

Ο ΚΑΣΙΟΥΣ ΚΛΑΙΗ ΕΝ ΑΝΕΦΑΝΗΣΘΗ ΕΙΣ ΤΟ ΔΙΚΑΣΤΗΡΙΟΝ
ΕΡΕΥΝΑ ΤΗΣ ΣΥΠΡΟΚΟΥ

Χθες συνήλθεν εις το υπουργείον σύσκεψις υπό την προεδρίαν του αρμοδίου υπουργού, κατά την οποίαν εξητάσθησαν τα ζητήματα τα οποία απασχολούν το προσωπικόν και ελήφθησαν αποφάσεις διά την άρσιν των αδικιών αι οποίαι διεπράχθησαν κατά το παρελθόν. Ως ανεκοινώθη, αι σχετικαί αποφάσεις θα εφαρμοσθούν εντός των προσεχών ημερών, αφού προηγουμένως ληφθή η γνώμη των ενδιαφερομένων οργανώσεων και των αρμοδίων υπηρεσιών.

Η ΜΟΣΧΑ ΔΕΧΕΤΑΙ ΝΑ ΜΕΣΟΛΑΒΗΣΗ ΔΙΑ ΤΟ ΚΥΠΡΙΑΚΟΝ
Το εδήλωσε Ρώσσος πρεσβευτής αλλ' η Κύπρος δεν έχει γνώσιν

ΑΘΗΝΑΙ, 17.— Ο Αρχιεπίσκοπος Μακάριος, ο οποίος ευρίσκεται εις περιοδείαν ανά τας χώρας της Αφρικής, επεσκέφθη την Δαχομέην και την Ακτήν Ελεφαντοστού, όπου συνηντήθη μετά των αρχηγών των κρατών τούτων και τους ηυχαρίστησε διά την υποστήριξιν την οποίαν παρέσχον εις την υπόθεσιν της Κύπρου κατά την συζήτησιν του θέματος ενώπιον της Γενικής Συνελεύσεως του Οργανισμού Ηνωμένων Εθνών. Κατά την διάρκειαν των επαφών του ο Μακάριος ετόνισεν ότι ο αγών του κυπριακού λαού διά την αυτοδιάθεσιν θα συνεχισθή μέχρι τελικής επιτυχίας.

ΟΥΑΣΙΓΚΤΩΝ, 17 (Ασ. Πρές).— Ο πρόεδρος Τζόνσον εδήλωσεν ότι το πρόγραμμα της εξωτερικής βοηθείας θα συνεχισθή και κατά το προσεχές οικονομικόν έτος, διότι αποτελεί σοβαράν επένδυσιν διά την ασφάλειαν και την ευημερίαν των Ηνωμένων Πολιτειών. Ο πρόεδρος υπεγράμμισεν ότι η βοήθεια θα κατευθύνεται κυρίως προς τας χώρας αι οποίαι καταβάλλουν προσπαθείας διά την ανάπτυξιν των.

Χθες συνήλθεν εις το υπουργείον σύσκεψις υπό την προεδρίαν του αρμοδίου υπουργού, κατά την οποίαν εξητάσθησαν τα ζητήματα τα οποία απασχολούν το προσωπικόν και ελήφθησαν αποφάσεις διά την άρσιν των αδικιών αι οποίαι διεπράχθησαν κατά το παρελθόν. Ως ανεκοινώθη, αι σχετικαί αποφάσεις θα εφαρμοσθούν εντός των προσεχών ημερών, αφού προηγουμένως ληφθή η γνώμη των ενδιαφερομένων οργανώσεων και των αρμοδίων υπηρεσιών.

ΤΑ ΜΗΝΥΜΑΤΑ

ΟΥΑΣΙΓΚΤΩΝ, 17 (Ασ. Πρές).— Ο πρόεδρος Τζόνσον εδήλωσεν ότι το πρόγραμμα της εξωτερικής βοηθείας θα συνεχισθή και κατά το προσεχές οικονομικόν έτος, διότι αποτελεί σοβαράν επένδυσιν διά την ασφάλειαν και την ευημερίαν των Ηνωμένων Πολιτειών. Ο πρόεδρος υπεγράμμισεν ότι η βοήθεια θα κατευθύνεται κυρίως προς τας χώρας αι οποίαι καταβάλλουν προσπαθείας διά την ανάπτυξιν των.

ΟΥΑΣΙΓΚΤΩΝ, 17 (Ασ. Πρές).— Ο πρόεδρος Τζόνσον εδήλωσεν ότι το πρόγραμμα της εξωτερικής βοηθείας θα συνεχισθή και κατά το προσεχές οικονομικόν έτος, διότι αποτελεί σοβαράν επένδυσιν διά την ασφάλειαν και την ευημερίαν των Ηνωμένων Πολιτειών. Ο πρόεδρος υπεγράμμισεν ότι η βοήθεια θα κατευθύνεται κυρίως προς τας χώρας αι οποίαι καταβάλλουν προσπαθείας διά την ανάπτυξιν των.

ΤΟ ΘΕΜΑ ΡΙΖΟΒ

ΟΥΑΣΙΓΚΤΩΝ, 17 (Ασ. Πρές).— Ο πρόεδρος Τζόνσον εδήλωσεν ότι το πρόγραμμα της εξωτερικής βοηθείας θα συνεχισθή και κατά το προσεχές οικονομικόν έτος, διότι αποτελεί σοβαράν επένδυσιν διά την ασφάλειαν και την ευημερίαν των Ηνωμένων Πολιτειών. Ο πρόεδρος υπεγράμμισεν ότι η βοήθεια θα κατευθύνεται κυρίως προς τας χώρας αι οποίαι καταβάλλουν προσπαθείας διά την ανάπτυξιν των.

Χθες συνήλθεν εις το υπουργείον σύσκεψις υπό την προεδρίαν του αρμοδίου υπουργού, κατά την οποίαν εξητάσθησαν τα ζητήματα τα οποία απασχολούν το προσωπικόν και ελήφθησαν αποφάσεις διά την άρσιν των αδικιών αι οποίαι διεπράχθησαν κατά το παρελθόν. Ως ανεκοινώθη, αι σχετικαί αποφάσεις θα εφαρμοσθούν εντός των προσεχών ημερών, αφού προηγουμένως ληφθή η γνώμη των ενδιαφερομένων οργανώσεων και των αρμοδίων υπηρεσιών.

Ο ΑΓΩΝ ΘΑ ΣΥΝΕΧΙΣΘΗ

ΟΥΑΣΙΓΚΤΩΝ, 17 (Ασ. Πρές).— Ο πρόεδρος Τζόνσον εδήλωσεν ότι το πρόγραμμα της εξωτερικής βοηθείας θα συνεχισθή και κατά το προσεχές οικονομικόν έτος, διότι αποτελεί σοβαράν επένδυσιν διά την ασφάλειαν και την ευημερίαν των Ηνωμένων Πολιτειών. Ο πρόεδρος υπεγράμμισεν ότι η βοήθεια θα κατευθύνεται κυρίως προς τας χώρας αι οποίαι καταβάλλουν προσπαθείας διά την ανάπτυξιν των.

Ο ΑΡΧΗΓΟΣ ΤΟΥ ΕΣ ΕΖΗΤΗΣΕ ΤΗΝ ΑΔΕΙΑΝ ΥΠΟΒΟΛΗΣ ΜΗΝΥΣΕΩΣ ΚΑΤΑ ΤΟΥ ΑΓΓΕΛΟΥΣΗ
Η ΕΝ. ΚΕΝΤΡΟΥ ΔΕΧΕΤΑΙ ΑΡΣΙΝ ΤΗΣ ΑΣΥΛΙΑΣ

ΑΘΗΝΑΙ, 17.— Ο Αρχιεπίσκοπος Μακάριος, ο οποίος ευρίσκεται εις περιοδείαν ανά τας χώρας της Αφρικής, επεσκέφθη την Δαχομέην και την Ακτήν Ελεφαντοστού, όπου συνηντήθη μετά των αρχηγών των κρατών τούτων και τους ηυχαρίστησε διά την υποστήριξιν την οποίαν παρέσχον εις την υπόθεσιν της Κύπρου κατά την συζήτησιν του θέματος ενώπιον της Γενικής Συνελεύσεως του Οργανισμού Ηνωμένων Εθνών. Κατά την διάρκειαν των επαφών του ο Μακάριος ετόνισεν ότι ο αγών του κυπριακού λαού διά την αυτοδιάθεσιν θα συνεχισθή μέχρι τελικής επιτυχίας.

ΟΥΑΣΙΓΚΤΩΝ, 17 (Ασ. Πρές).— Ο πρόεδρος Τζόνσον εδήλωσεν ότι το πρόγραμμα της εξωτερικής βοηθείας θα συνεχισθή και κατά το προσεχές οικονομικόν έτος, διότι αποτελεί σοβαράν επένδυσιν διά την ασφάλειαν και την ευημερίαν των Ηνωμένων Πολιτειών. Ο πρόεδρος υπεγράμμισεν ότι η βοήθεια θα κατευθύνεται κυρίως προς τας χώρας αι οποίαι καταβάλλουν προσπαθείας διά την ανάπτυξιν των.

Χθες συνήλθεν εις το υπουργείον σύσκεψις υπό την προεδρίαν του αρμοδίου υπουργού, κατά την οποίαν εξητάσθησαν τα ζητήματα τα οποία απασχολούν το προσωπικόν και ελήφθησαν αποφάσεις διά την άρσιν των αδικιών αι οποίαι διεπράχθησαν κατά το παρελθόν. Ως ανεκοινώθη, αι σχετικαί αποφάσεις θα εφαρμοσθούν εντός των προσεχών ημερών, αφού προηγουμένως ληφθή η γνώμη των ενδιαφερομένων οργανώσεων και των αρμοδίων υπηρεσιών.

ΑΠΑΝΤΑ Ο κ. ΑΓΓΕΛΟΥΣΗΣ

ΟΥΑΣΙΓΚΤΩΝ, 17 (Ασ. Πρές).— Ο πρόεδρος Τζόνσον εδήλωσεν ότι το πρόγραμμα της εξωτερικής βοηθείας θα συνεχισθή και κατά το προσεχές οικονομικόν έτος, διότι αποτελεί σοβαράν επένδυσιν διά την ασφάλειαν και την ευημερίαν των Ηνωμένων Πολιτειών. Ο πρόεδρος υπεγράμμισεν ότι η βοήθεια θα κατευθύνεται κυρίως προς τας χώρας αι οποίαι καταβάλλουν προσπαθείας διά την ανάπτυξιν των.

ΕΠΕΤΥΧΕΝ Η ΑΠΟΣΤΟΛΗ ΤΟΥ κ. ΜΠΡΕΖΝΙΕΦ ΕΙΣ ΤΗΝ ΕΞΩΤΕΡΙΚΗΝ ΜΟΓΓΟΛΙΑΝ ΠΑΡΑ ΤΗΝ ΑΝΤΙΔΡΑΣΙΝ ΤΗΣ ΛΑΪΚΗΣ ΚΙΝΑΣ

ΟΥΑΣΙΓΚΤΩΝ, 17 (Ασ. Πρές).— Ο πρόεδρος Τζόνσον εδήλωσεν ότι το πρόγραμμα της εξωτερικής βοηθείας θα συνεχισθή και κατά το προσεχές οικονομικόν έτος, διότι αποτελεί σοβαράν επένδυσιν διά την ασφάλειαν και την ευημερίαν των Ηνωμένων Πολιτειών. Ο πρόεδρος υπεγράμμισεν ότι η βοήθεια θα κατευθύνεται κυρίως προς τας χώρας αι οποίαι καταβάλλουν προσπαθείας διά την ανάπτυξιν των.

Χθες συνήλθεν εις το υπουργείον σύσκεψις υπό την προεδρίαν του αρμοδίου υπουργού, κατά την οποίαν εξητάσθησαν τα ζητήματα τα οποία απασχολούν το προσωπικόν και ελήφθησαν αποφάσεις διά την άρσιν των αδικιών αι οποίαι διεπράχθησαν κατά το παρελθόν. Ως ανεκοινώθη, αι σχετικαί αποφάσεις θα εφαρμοσθούν εντός των προσεχών ημερών, αφού προηγουμένως ληφθή η γνώμη των ενδιαφερομένων οργανώσεων και των αρμοδίων υπηρεσιών.

ΟΥΑΣΙΓΚΤΩΝ, 17 (Ασ. Πρές).— Ο πρόεδρος Τζόνσον εδήλωσεν ότι το πρόγραμμα της εξωτερικής βοηθείας θα συνεχισθή και κατά το προσεχές οικονομικόν έτος, διότι αποτελεί σοβαράν επένδυσιν διά την ασφάλειαν και την ευημερίαν των Ηνωμένων Πολιτειών. Ο πρόεδρος υπεγράμμισεν ότι η βοήθεια θα κατευθύνεται κυρίως προς τας χώρας αι οποίαι καταβάλλουν προσπαθείας διά την ανάπτυξιν των.

ΕΠΕΣΤΡΕΨΕΝ ΕΙΣ ΜΟΣΧΑΝ

ΟΥΑΣΙΓΚΤΩΝ, 17 (Ασ. Πρές).— Ο πρόεδρος Τζόνσον εδήλωσεν ότι το πρόγραμμα της εξωτερικής βοηθείας θα συνεχισθή και κατά το προσεχές οικονομικόν έτος, διότι αποτελεί σοβαράν επένδυσιν διά την ασφάλειαν και την ευημερίαν των Ηνωμένων Πολιτειών. Ο πρόεδρος υπεγράμμισεν ότι η βοήθεια θα κατευθύνεται κυρίως προς τας χώρας αι οποίαι καταβάλλουν προσπαθείας διά την ανάπτυξιν των.

ΜΙΚΡΑΙ ΕΞΩΤΕΡΙΚΑΙ ΕΙΔΗΣΕΙΣ

ΑΘΗΝΑΙ, 17.— Ο Αρχιεπίσκοπος Μακάριος, ο οποίος ευρίσκεται εις περιοδείαν ανά τας χώρας της Αφρικής, επεσκέφθη την Δαχομέην και την Ακτήν Ελεφαντοστού, όπου συνηντήθη μετά των αρχηγών των κρατών τούτων και τους ηυχαρίστησε διά την υποστήριξιν την οποίαν παρέσχον εις την υπόθεσιν της Κύπρου κατά την συζήτησιν του θέματος ενώπιον της Γενικής Συνελεύσεως του Οργανισμού Ηνωμένων Εθνών. Κατά την διάρκειαν των επαφών του ο Μακάριος ετόνισεν ότι ο αγών του κυπριακού λαού διά την αυτοδιάθεσιν θα συνεχισθή μέχρι τελικής επιτυχίας.

Χθες συνήλθεν εις το υπουργείον σύσκεψις υπό την προεδρίαν του αρμοδίου υπουργού, κατά την οποίαν εξητάσθησαν τα ζητήματα τα οποία απασχολούν το προσωπικόν και ελήφθησαν αποφάσεις διά την άρσιν των αδικιών αι οποίαι διεπράχθησαν κατά το παρελθόν. Ως ανεκοινώθη, αι σχετικαί αποφάσεις θα εφαρμοσθούν εντός των προσεχών ημερών, αφού προηγουμένως ληφθή η γνώμη των ενδιαφερομένων οργανώσεων και των αρμοδίων υπηρεσιών.

ΟΥΑΣΙΓΚΤΩΝ, 17 (Ασ. Πρές).— Ο πρόεδρος Τζόνσον εδήλωσεν ότι το πρόγραμμα της εξωτερικής βοηθείας θα συνεχισθή και κατά το προσεχές οικονομικόν έτος, διότι αποτελεί σοβαράν επένδυσιν διά την ασφάλειαν και την ευημερίαν των Ηνωμένων Πολιτειών. Ο πρόεδρος υπεγράμμισεν ότι η βοήθεια θα κατευθύνεται κυρίως προς τας χώρας αι οποίαι καταβάλλουν προσπαθείας διά την ανάπτυξιν των.

Χθες συνήλθεν εις το υπουργείον σύσκεψις υπό την προεδρίαν του αρμοδίου υπουργού, κατά την οποίαν εξητάσθησαν τα ζητήματα τα οποία απασχολούν το προσωπικόν και ελήφθησαν αποφάσεις διά την άρσιν των αδικιών αι οποίαι διεπράχθησαν κατά το παρελθόν. Ως ανεκοινώθη, αι σχετικαί αποφάσεις θα εφαρμοσθούν εντός των προσεχών ημερών, αφού προηγουμένως ληφθή η γνώμη των ενδιαφερομένων οργανώσεων και των αρμοδίων υπηρεσιών.

ΟΥΑΣΙΓΚΤΩΝ, 17 (Ασ. Πρές).— Ο πρόεδρος Τζόνσον εδήλωσεν ότι το πρόγραμμα της εξωτερικής βοηθείας θα συνεχισθή και κατά το προσεχές οικονομικόν έτος, διότι αποτελεί σοβαράν επένδυσιν διά την ασφάλειαν και την ευημερίαν των Ηνωμένων Πολιτειών. Ο πρόεδρος υπεγράμμισεν ότι η βοήθεια θα κατευθύνεται κυρίως προς τας χώρας αι οποίαι καταβάλλουν προσπαθείας διά την ανάπτυξιν των.

ΑΘΗΝΑΙ, 17.— Ο Αρχιεπίσκοπος Μακάριος, ο οποίος ευρίσκεται εις περιοδείαν ανά τας χώρας της Αφρικής, επεσκέφθη την Δαχομέην και την Ακτήν Ελεφαντοστού, όπου συνηντήθη μετά των αρχηγών των κρατών τούτων και τους ηυχαρίστησε διά την υποστήριξιν την οποίαν παρέσχον εις την υπόθεσιν της Κύπρου κατά την συζήτησιν του θέματος ενώπιον της Γενικής Συνελεύσεως του Οργανισμού Ηνωμένων Εθνών. Κατά την διάρκειαν των επαφών του ο Μακάριος ετόνισεν ότι ο αγών του κυπριακού λαού διά την αυτοδιάθεσιν θα συνεχισθή μέχρι τελικής επιτυχίας.
